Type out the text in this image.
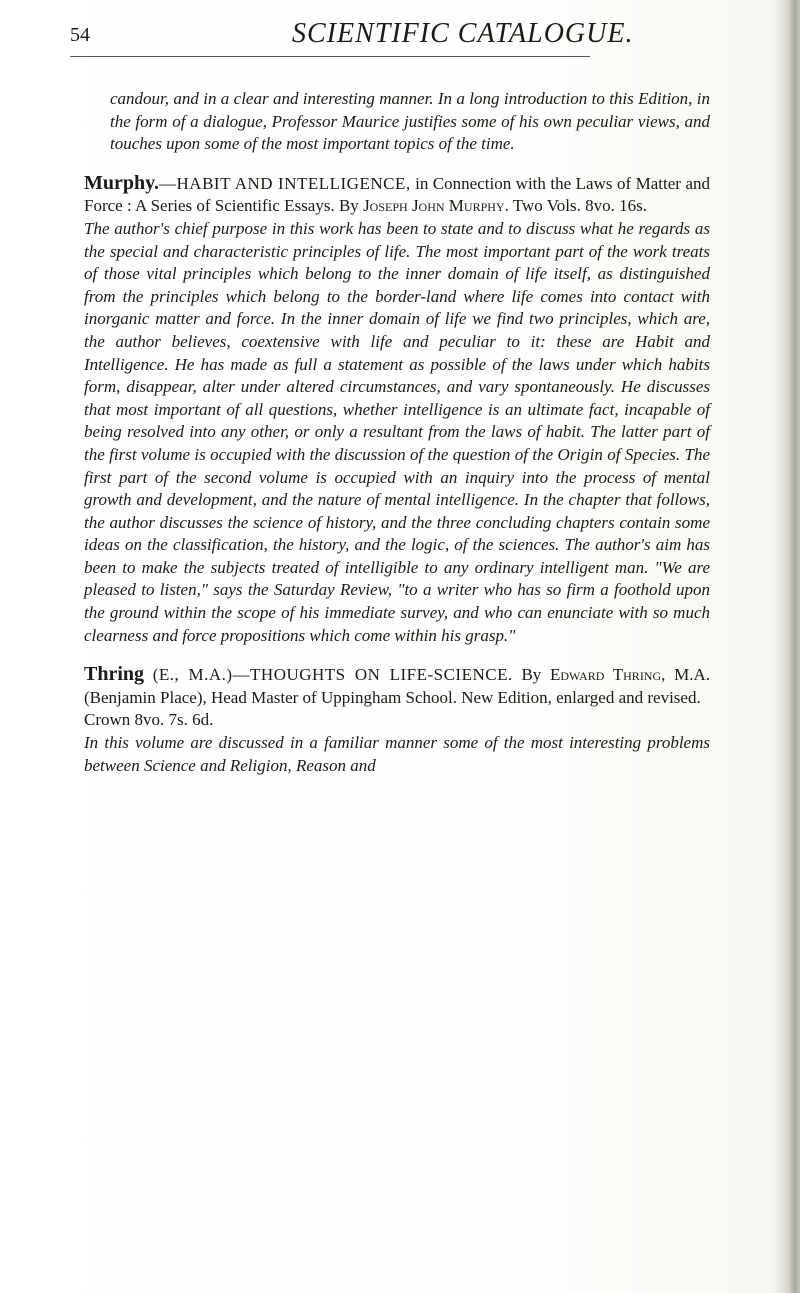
54	SCIENTIFIC CATALOGUE.

candour, and in a clear and interesting manner. In a long introduction to this Edition, in the form of a dialogue, Professor Maurice justifies some of his own peculiar views, and touches upon some of the most important topics of the time.

Murphy.—HABIT AND INTELLIGENCE, in Connection with the Laws of Matter and Force : A Series of Scientific Essays. By Joseph John Murphy. Two Vols. 8vo. 16s.

The author's chief purpose in this work has been to state and to discuss what he regards as the special and characteristic principles of life. The most important part of the work treats of those vital principles which belong to the inner domain of life itself, as distinguished from the principles which belong to the border-land where life comes into contact with inorganic matter and force. In the inner domain of life we find two principles, which are, the author believes, coextensive with life and peculiar to it: these are Habit and Intelligence. He has made as full a statement as possible of the laws under which habits form, disappear, alter under altered circumstances, and vary spontaneously. He discusses that most important of all questions, whether intelligence is an ultimate fact, incapable of being resolved into any other, or only a resultant from the laws of habit. The latter part of the first volume is occupied with the discussion of the question of the Origin of Species. The first part of the second volume is occupied with an inquiry into the process of mental growth and development, and the nature of mental intelligence. In the chapter that follows, the author discusses the science of history, and the three concluding chapters contain some ideas on the classification, the history, and the logic, of the sciences. The author's aim has been to make the subjects treated of intelligible to any ordinary intelligent man. "We are pleased to listen," says the Saturday Review, "to a writer who has so firm a foothold upon the ground within the scope of his immediate survey, and who can enunciate with so much clearness and force propositions which come within his grasp."

Thring (E., M.A.)—THOUGHTS ON LIFE-SCIENCE. By Edward Thring, M.A. (Benjamin Place), Head Master of Uppingham School. New Edition, enlarged and revised.

Crown 8vo. 7s. 6d.

In this volume are discussed in a familiar manner some of the most interesting problems between Science and Religion, Reason and
